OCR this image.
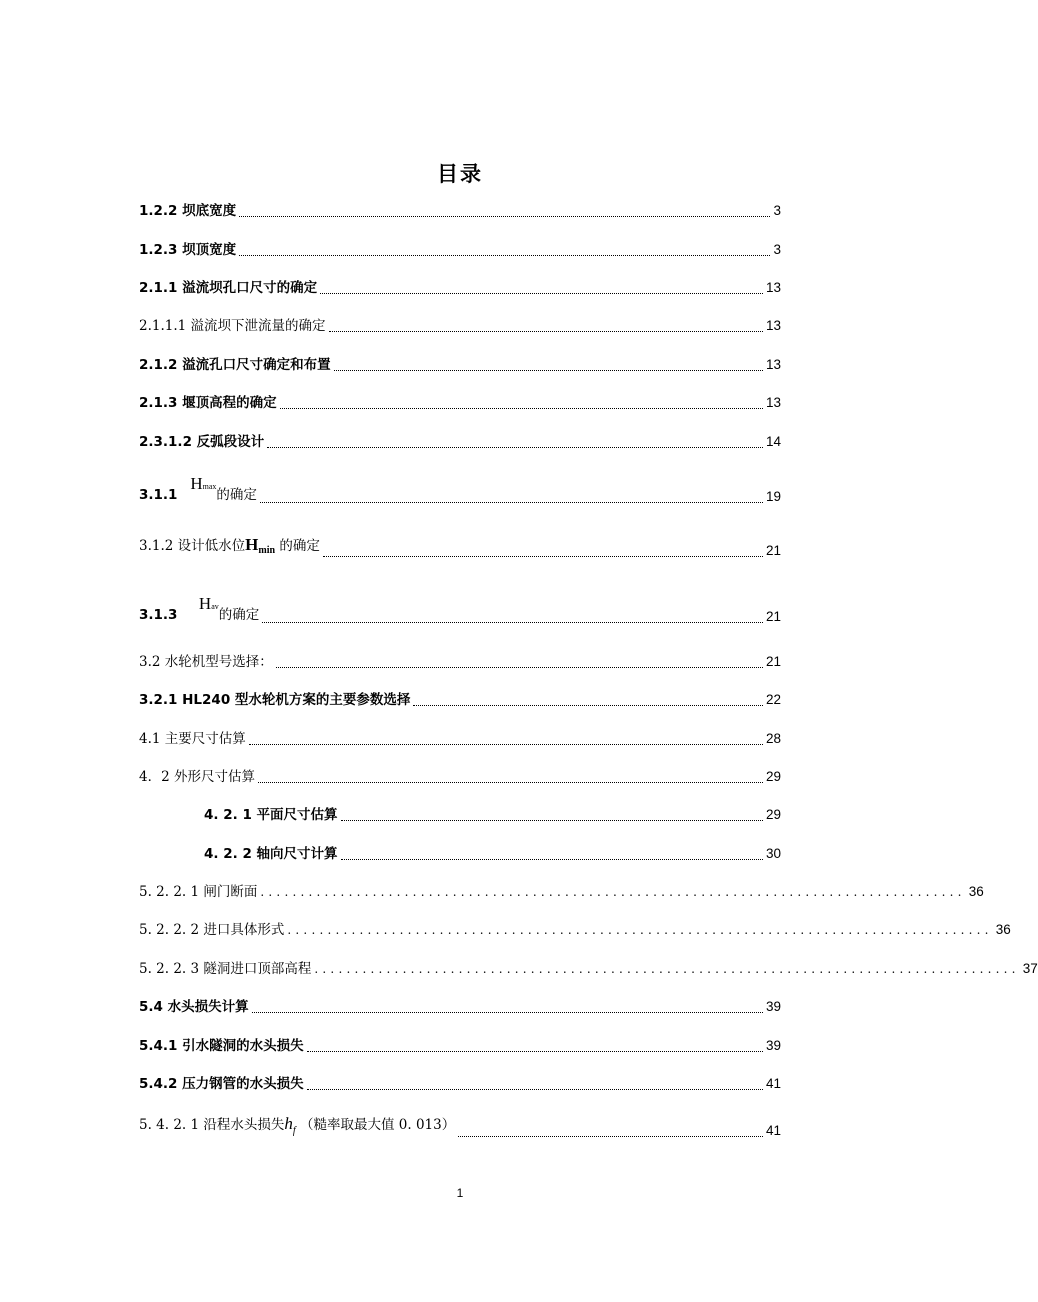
目录
1.2.2 坝底宽度	3
1.2.3 坝顶宽度	3
2.1.1 溢流坝孔口尺寸的确定	13
2.1.1.1 溢流坝下泄流量的确定	13
2.1.2 溢流孔口尺寸确定和布置	13
2.1.3 堰顶高程的确定	13
2.3.1.2 反弧段设计	14
3.1.1   Hmax的确定	19
3.1.2 设计低水位Hmin 的确定	21
3.1.3     Hav的确定	21
3.2 水轮机型号选择：	21
3.2.1 HL240 型水轮机方案的主要参数选择	22
4.1 主要尺寸估算	28
4．2 外形尺寸估算	29
4. 2. 1 平面尺寸估算	29
4. 2. 2 轴向尺寸计算	30
5. 2. 2. 1 闸门断面 ........................................................................................ 36
5. 2. 2. 2 进口具体形式 ........................................................................................ 36
5. 2. 2. 3 隧洞进口顶部高程 ........................................................................................ 37
5.4 水头损失计算	39
5.4.1 引水隧洞的水头损失	39
5.4.2 压力钢管的水头损失	41
5. 4. 2. 1 沿程水头损失$h_f$ （糙率取最大值 0. 013）	41
1
